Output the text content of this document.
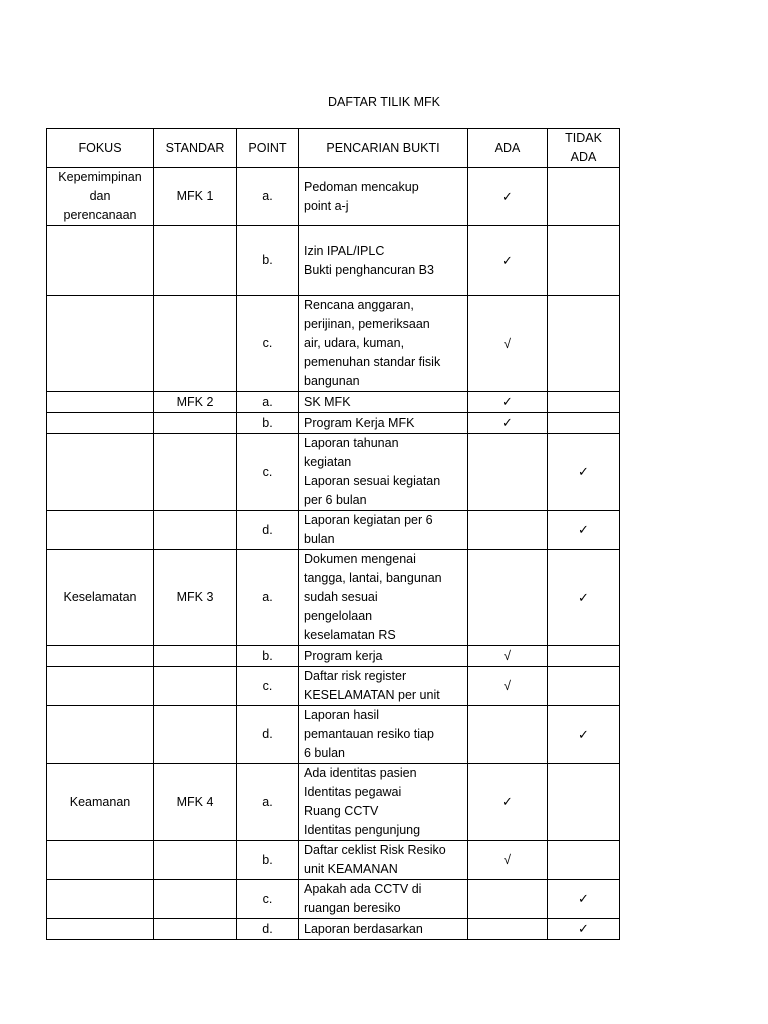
DAFTAR TILIK MFK
FOKUS	STANDAR	POINT	PENCARIAN BUKTI	ADA	TIDAK
ADA

Kepemimpinan
dan
perencanaan	MFK 1	a.	Pedoman mencakup
point a-j	✓	
		b.	Izin IPAL/IPLC
Bukti penghancuran B3	✓	
		c.	Rencana anggaran,
perijinan, pemeriksaan
air, udara, kuman,
pemenuhan standar fisik
bangunan	√	
	MFK 2	a.	SK MFK	✓	
		b.	Program Kerja MFK	✓	
		c.	Laporan tahunan
kegiatan
Laporan sesuai kegiatan
per 6 bulan		✓
		d.	Laporan kegiatan per 6
bulan		✓

Keselamatan	MFK 3	a.	Dokumen mengenai
tangga, lantai, bangunan
sudah sesuai
pengelolaan
keselamatan RS		✓
		b.	Program kerja	√	
		c.	Daftar risk register
KESELAMATAN per unit	√	
		d.	Laporan hasil
pemantauan resiko tiap
6 bulan		✓

Keamanan	MFK 4	a.	Ada identitas pasien
Identitas pegawai
Ruang CCTV
Identitas pengunjung	✓	
		b.	Daftar ceklist Risk Resiko
unit KEAMANAN	√	
		c.	Apakah ada CCTV di
ruangan beresiko		✓
		d.	Laporan berdasarkan		✓
